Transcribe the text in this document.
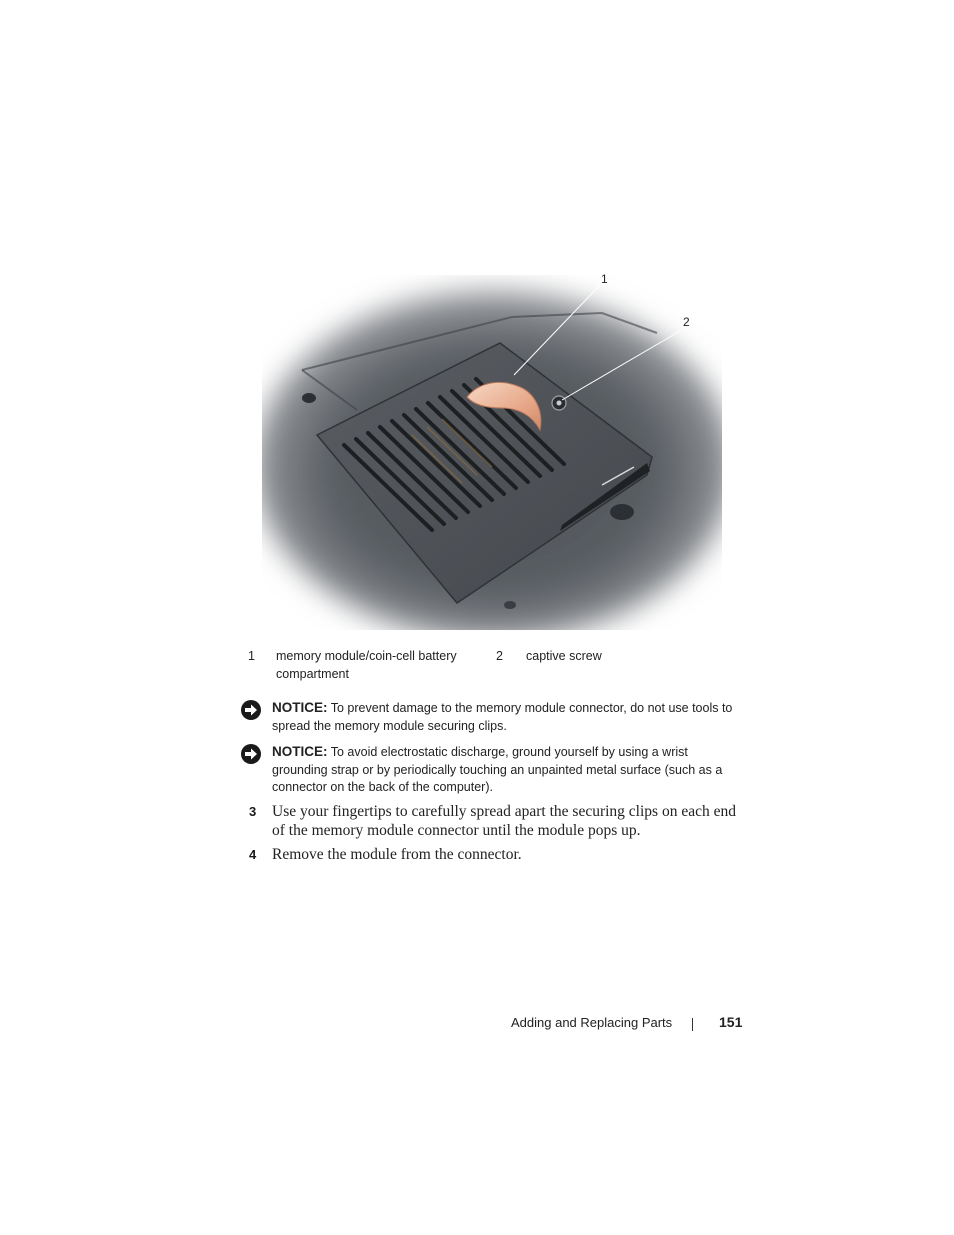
1
2
1 memory module/coin-cell battery
compartment
2 captive screw
NOTICE: To prevent damage to the memory module connector, do not use tools to spread the memory module securing clips.
NOTICE: To avoid electrostatic discharge, ground yourself by using a wrist grounding strap or by periodically touching an unpainted metal surface (such as a connector on the back of the computer).
3 Use your fingertips to carefully spread apart the securing clips on each end of the memory module connector until the module pops up.
4 Remove the module from the connector.
Adding and Replacing Parts	151
